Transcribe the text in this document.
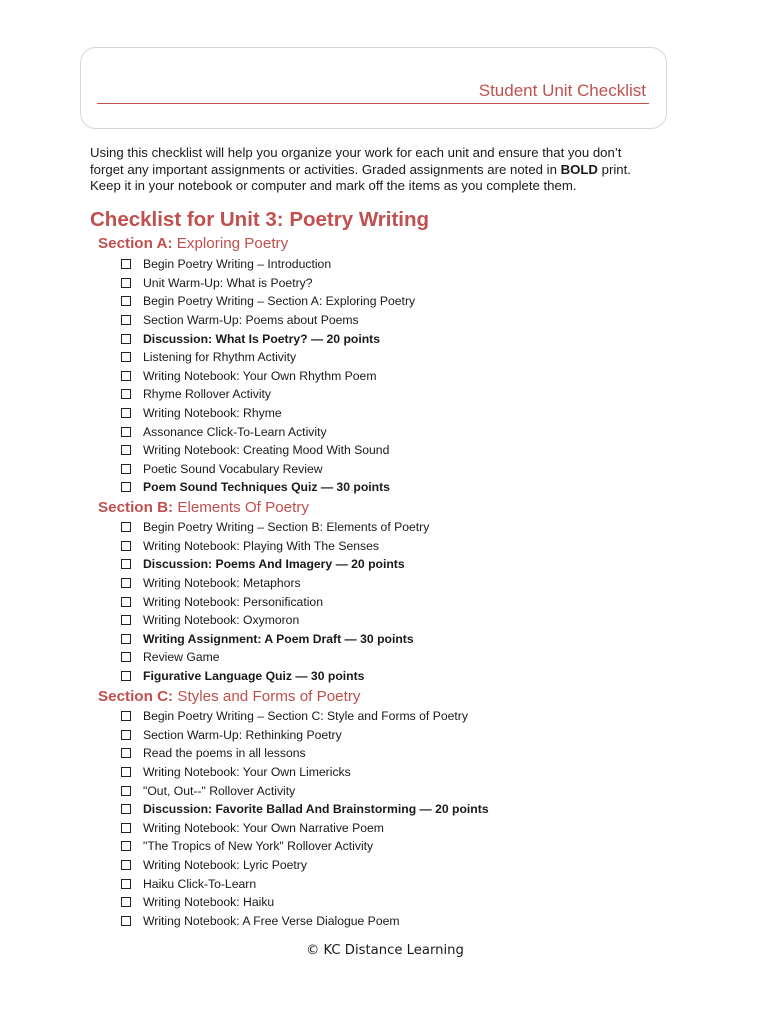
Student Unit Checklist

Using this checklist will help you organize your work for each unit and ensure that you don’t

forget any important assignments or activities. Graded assignments are noted in BOLD print.

Keep it in your notebook or computer and mark off the items as you complete them.

Checklist for Unit 3: Poetry Writing
Section A: Exploring Poetry
Begin Poetry Writing – Introduction
Unit Warm-Up: What is Poetry?
Begin Poetry Writing – Section A: Exploring Poetry
Section Warm-Up: Poems about Poems
Discussion: What Is Poetry? — 20 points
Listening for Rhythm Activity
Writing Notebook: Your Own Rhythm Poem
Rhyme Rollover Activity
Writing Notebook: Rhyme
Assonance Click-To-Learn Activity
Writing Notebook: Creating Mood With Sound
Poetic Sound Vocabulary Review
Poem Sound Techniques Quiz — 30 points
Section B: Elements Of Poetry
Begin Poetry Writing – Section B: Elements of Poetry
Writing Notebook: Playing With The Senses
Discussion: Poems And Imagery — 20 points
Writing Notebook: Metaphors
Writing Notebook: Personification
Writing Notebook: Oxymoron
Writing Assignment: A Poem Draft — 30 points
Review Game
Figurative Language Quiz — 30 points
Section C: Styles and Forms of Poetry
Begin Poetry Writing – Section C: Style and Forms of Poetry
Section Warm-Up: Rethinking Poetry
Read the poems in all lessons
Writing Notebook: Your Own Limericks
"Out, Out--" Rollover Activity
Discussion: Favorite Ballad And Brainstorming — 20 points
Writing Notebook: Your Own Narrative Poem
"The Tropics of New York" Rollover Activity
Writing Notebook: Lyric Poetry
Haiku Click-To-Learn
Writing Notebook: Haiku
Writing Notebook: A Free Verse Dialogue Poem
© KC Distance Learning
